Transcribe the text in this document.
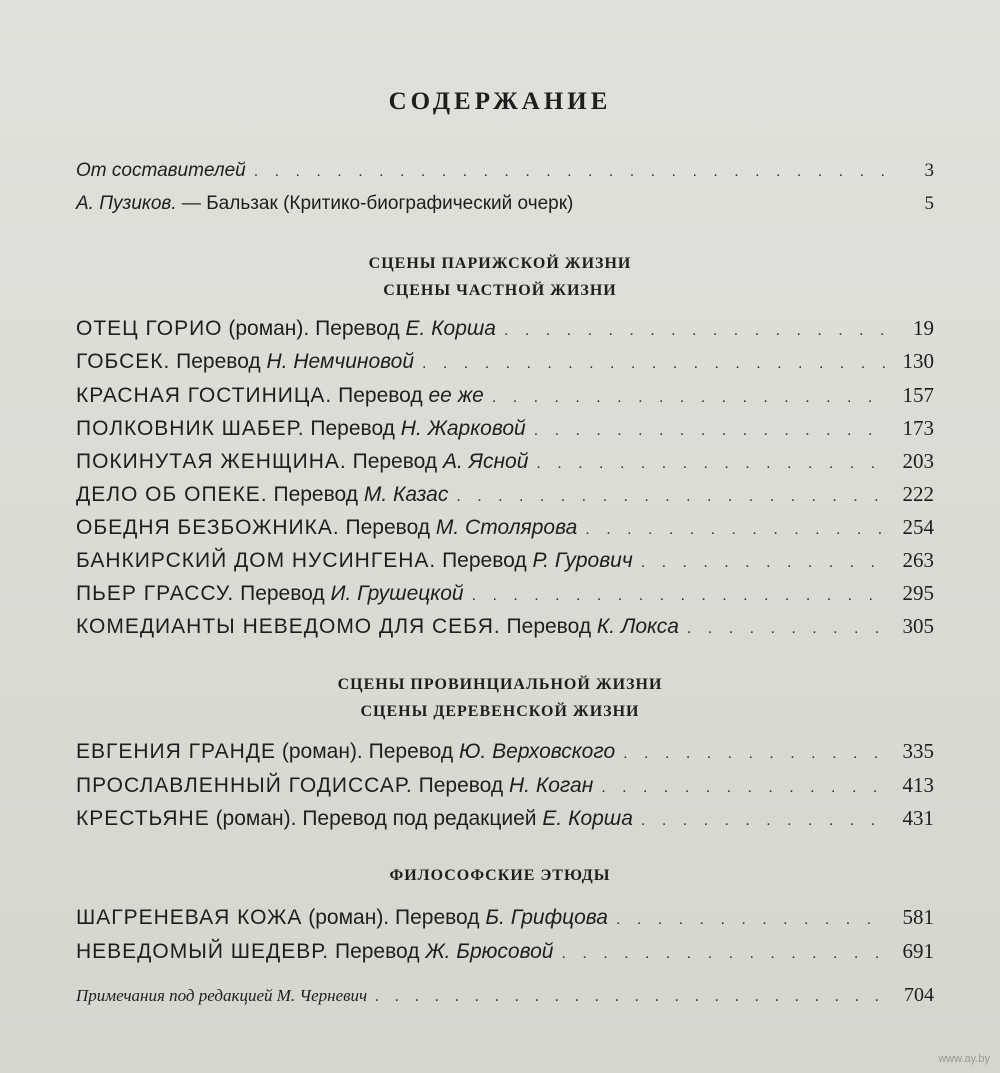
СОДЕРЖАНИЕ
От составителей . . .	3
А. Пузиков. — Бальзак (Критико-биографический очерк)	5
СЦЕНЫ ПАРИЖСКОЙ ЖИЗНИ
СЦЕНЫ ЧАСТНОЙ ЖИЗНИ
ОТЕЦ ГОРИО (роман). Перевод Е. Корша . . .	19
ГОБСЕК. Перевод Н. Немчиновой . . .	130
КРАСНАЯ ГОСТИНИЦА. Перевод ее же . . .	157
ПОЛКОВНИК ШАБЕР. Перевод Н. Жарковой . . .	173
ПОКИНУТАЯ ЖЕНЩИНА. Перевод А. Ясной . . .	203
ДЕЛО ОБ ОПЕКЕ. Перевод М. Казас . . .	222
ОБЕДНЯ БЕЗБОЖНИКА. Перевод М. Столярова . . .	254
БАНКИРСКИЙ ДОМ НУСИНГЕНА. Перевод Р. Гурович . . .	263
ПЬЕР ГРАССУ. Перевод И. Грушецкой . . .	295
КОМЕДИАНТЫ НЕВЕДОМО ДЛЯ СЕБЯ. Перевод К. Локса . . .	305
СЦЕНЫ ПРОВИНЦИАЛЬНОЙ ЖИЗНИ
СЦЕНЫ ДЕРЕВЕНСКОЙ ЖИЗНИ
ЕВГЕНИЯ ГРАНДЕ (роман). Перевод Ю. Верховского . . .	335
ПРОСЛАВЛЕННЫЙ ГОДИССАР. Перевод Н. Коган . . .	413
КРЕСТЬЯНЕ (роман). Перевод под редакцией Е. Корша . . .	431
ФИЛОСОФСКИЕ ЭТЮДЫ
ШАГРЕНЕВАЯ КОЖА (роман). Перевод Б. Грифцова . . .	581
НЕВЕДОМЫЙ ШЕДЕВР. Перевод Ж. Брюсовой . . .	691
Примечания под редакцией М. Черневич . . .	704
www.ay.by
